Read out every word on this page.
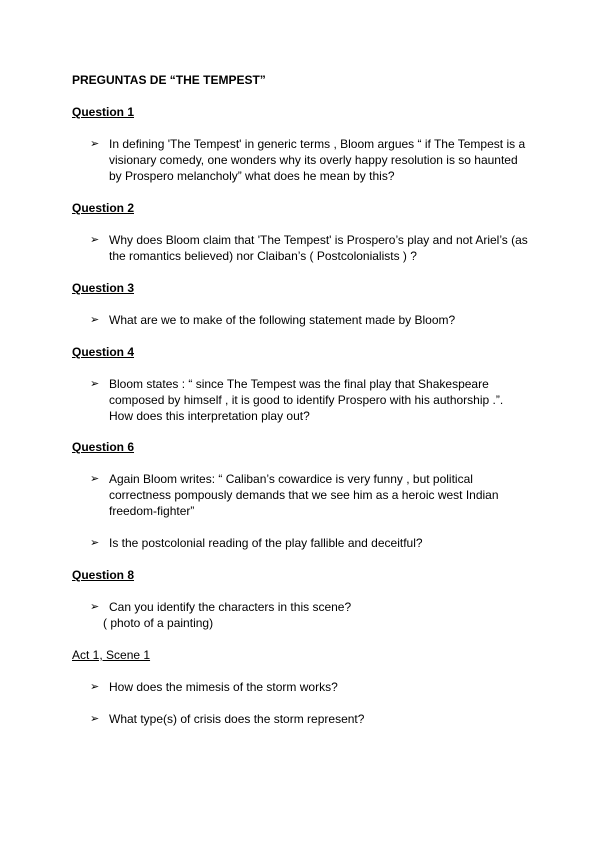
PREGUNTAS DE “THE TEMPEST”

Question 1

➢ In defining 'The Tempest' in generic terms , Bloom argues “ if The Tempest is a visionary comedy, one wonders why its overly happy resolution is so haunted by Prospero melancholy” what does he mean by this?

Question 2

➢ Why does Bloom claim that 'The Tempest' is Prospero’s play and not Ariel’s (as the romantics believed) nor Claiban’s ( Postcolonialists ) ?

Question 3

➢ What are we to make of the following statement made by Bloom?

Question 4

➢ Bloom states : “ since The Tempest was the final play that Shakespeare composed by himself , it is good to identify Prospero with his authorship .”. How does this interpretation play out?

Question 6

➢ Again Bloom writes: “ Caliban’s cowardice is very funny , but political correctness pompously demands that we see him as a heroic west Indian freedom-fighter”
➢ Is the postcolonial reading of the play fallible and deceitful?

Question 8

➢ Can you identify the characters in this scene?

( photo of a painting)

Act 1, Scene 1

➢ How does the mimesis of the storm works?
➢ What type(s) of crisis does the storm represent?
